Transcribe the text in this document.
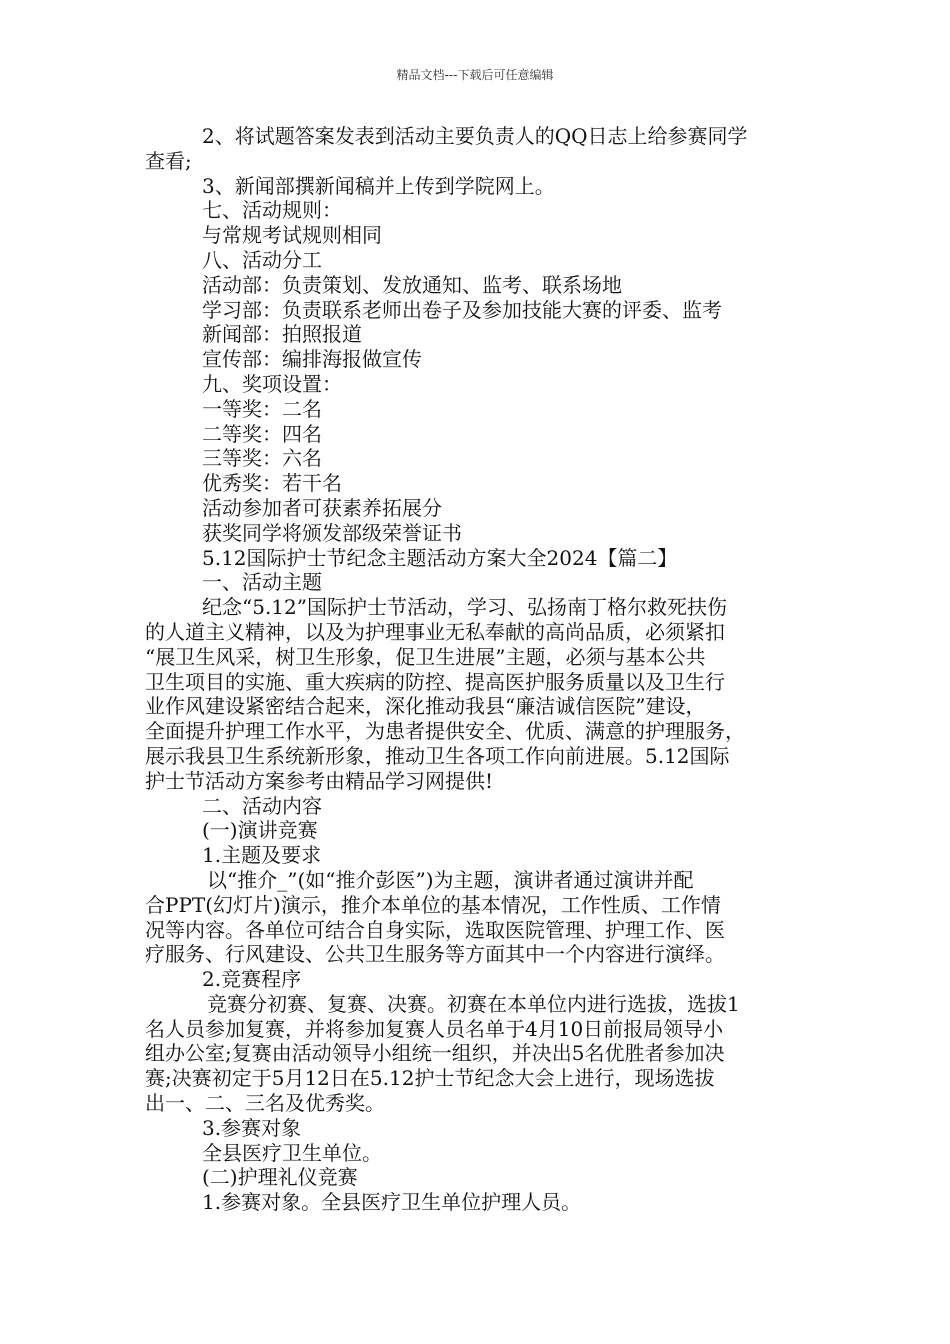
精品文档---下载后可任意编辑
2、将试题答案发表到活动主要负责人的QQ日志上给参赛同学
查看;
3、新闻部撰新闻稿并上传到学院网上。
七、活动规则：
与常规考试规则相同
八、活动分工
活动部：负责策划、发放通知、监考、联系场地
学习部：负责联系老师出卷子及参加技能大赛的评委、监考
新闻部：拍照报道
宣传部：编排海报做宣传
九、奖项设置：
一等奖：二名
二等奖：四名
三等奖：六名
优秀奖：若干名
活动参加者可获素养拓展分
获奖同学将颁发部级荣誉证书
5.12国际护士节纪念主题活动方案大全2024【篇二】
一、活动主题
纪念“5.12”国际护士节活动，学习、弘扬南丁格尔救死扶伤
的人道主义精神，以及为护理事业无私奉献的高尚品质，必须紧扣
“展卫生风采，树卫生形象，促卫生进展”主题，必须与基本公共
卫生项目的实施、重大疾病的防控、提高医护服务质量以及卫生行
业作风建设紧密结合起来，深化推动我县“廉洁诚信医院”建设，
全面提升护理工作水平，为患者提供安全、优质、满意的护理服务，
展示我县卫生系统新形象，推动卫生各项工作向前进展。5.12国际
护士节活动方案参考由精品学习网提供!
二、活动内容
(一)演讲竞赛
1.主题及要求
以“推介_”(如“推介彭医”)为主题，演讲者通过演讲并配
合PPT(幻灯片)演示，推介本单位的基本情况，工作性质、工作情
况等内容。各单位可结合自身实际，选取医院管理、护理工作、医
疗服务、行风建设、公共卫生服务等方面其中一个内容进行演绎。
2.竞赛程序
竞赛分初赛、复赛、决赛。初赛在本单位内进行选拔，选拔1
名人员参加复赛，并将参加复赛人员名单于4月10日前报局领导小
组办公室;复赛由活动领导小组统一组织，并决出5名优胜者参加决
赛;决赛初定于5月12日在5.12护士节纪念大会上进行，现场选拔
出一、二、三名及优秀奖。
3.参赛对象
全县医疗卫生单位。
(二)护理礼仪竞赛
1.参赛对象。全县医疗卫生单位护理人员。
